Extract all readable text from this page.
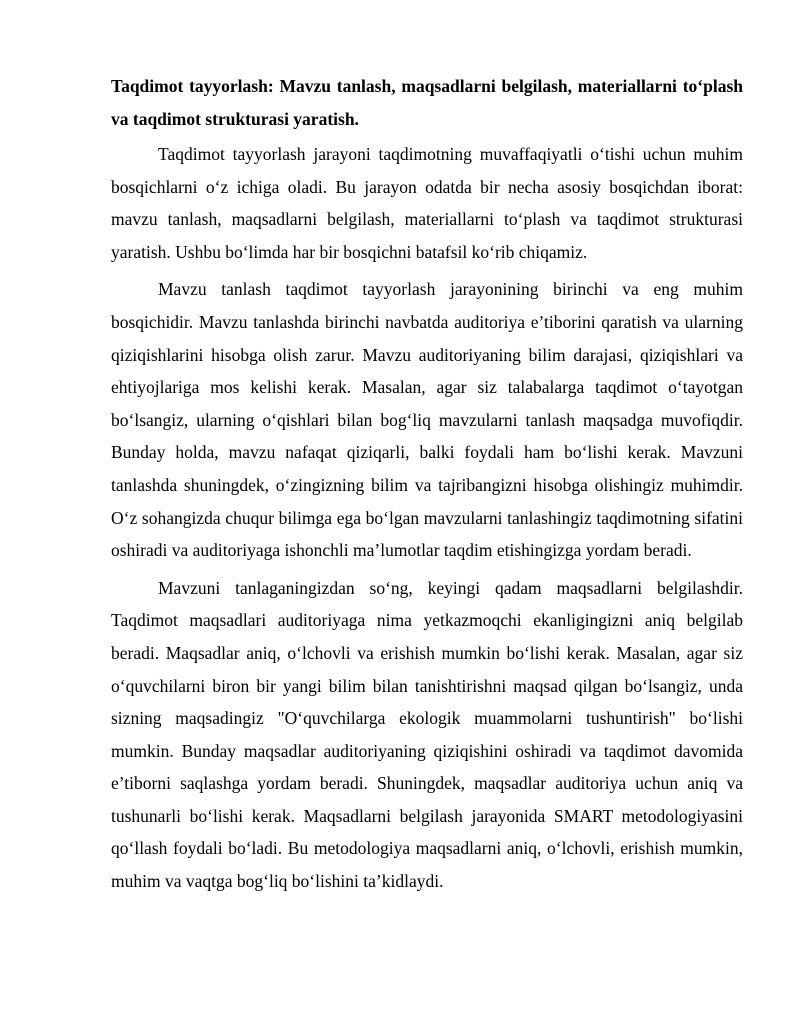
Taqdimot tayyorlash: Mavzu tanlash, maqsadlarni belgilash, materiallarni to‘plash va taqdimot strukturasi yaratish.

Taqdimot tayyorlash jarayoni taqdimotning muvaffaqiyatli o‘tishi uchun muhim bosqichlarni o‘z ichiga oladi. Bu jarayon odatda bir necha asosiy bosqichdan iborat: mavzu tanlash, maqsadlarni belgilash, materiallarni to‘plash va taqdimot strukturasi yaratish. Ushbu bo‘limda har bir bosqichni batafsil ko‘rib chiqamiz.

Mavzu tanlash taqdimot tayyorlash jarayonining birinchi va eng muhim bosqichidir. Mavzu tanlashda birinchi navbatda auditoriya e’tiborini qaratish va ularning qiziqishlarini hisobga olish zarur. Mavzu auditoriyaning bilim darajasi, qiziqishlari va ehtiyojlariga mos kelishi kerak. Masalan, agar siz talabalarga taqdimot o‘tayotgan bo‘lsangiz, ularning o‘qishlari bilan bog‘liq mavzularni tanlash maqsadga muvofiqdir. Bunday holda, mavzu nafaqat qiziqarli, balki foydali ham bo‘lishi kerak. Mavzuni tanlashda shuningdek, o‘zingizning bilim va tajribangizni hisobga olishingiz muhimdir. O‘z sohangizda chuqur bilimga ega bo‘lgan mavzularni tanlashingiz taqdimotning sifatini oshiradi va auditoriyaga ishonchli ma’lumotlar taqdim etishingizga yordam beradi.

Mavzuni tanlaganingizdan so‘ng, keyingi qadam maqsadlarni belgilashdir. Taqdimot maqsadlari auditoriyaga nima yetkazmoqchi ekanligingizni aniq belgilab beradi. Maqsadlar aniq, o‘lchovli va erishish mumkin bo‘lishi kerak. Masalan, agar siz o‘quvchilarni biron bir yangi bilim bilan tanishtirishni maqsad qilgan bo‘lsangiz, unda sizning maqsadingiz "O‘quvchilarga ekologik muammolarni tushuntirish" bo‘lishi mumkin. Bunday maqsadlar auditoriyaning qiziqishini oshiradi va taqdimot davomida e’tiborni saqlashga yordam beradi. Shuningdek, maqsadlar auditoriya uchun aniq va tushunarli bo‘lishi kerak. Maqsadlarni belgilash jarayonida SMART metodologiyasini qo‘llash foydali bo‘ladi. Bu metodologiya maqsadlarni aniq, o‘lchovli, erishish mumkin, muhim va vaqtga bog‘liq bo‘lishini ta’kidlaydi.
